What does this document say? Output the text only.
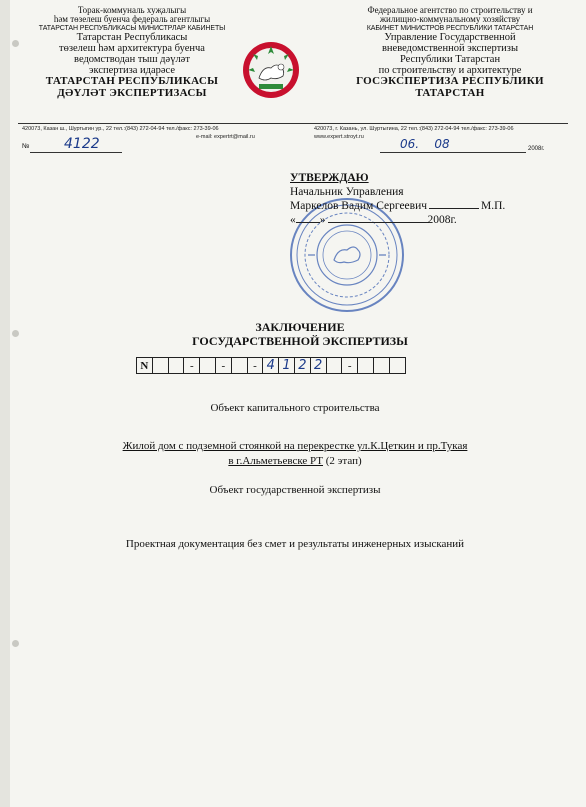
Торак-коммуналь хуҗалыгы
һәм төзелеш буенча федераль агентлыгы
ТАТАРСТАН РЕСПУБЛИКАСЫ МИНИСТРЛАР КАБИНЕТЫ
Татарстан Республикасы
төзелеш һәм архитектура буенча
ведомстводан тыш дәүләт
экспертиза идарәсе
ТАТАРСТАН РЕСПУБЛИКАСЫ
ДӘҮЛӘТ ЭКСПЕРТИЗАСЫ
Федеральное агентство по строительству и
жилищно-коммунальному хозяйству
КАБИНЕТ МИНИСТРОВ РЕСПУБЛИКИ ТАТАРСТАН
Управление Государственной
вневедомственной экспертизы
Республики Татарстан
по строительству и архитектуре
ГОСЭКСПЕРТИЗА РЕСПУБЛИКИ
ТАТАРСТАН
420073, Казан ш., Шуртыгин ур., 22 тел.:(843) 272-04-94 тел./факс: 273-39-06
e-mail: expertrt@mail.ru
420073, г. Казань, ул. Шуртыгина, 22 тел.:(843) 272-04-94 тел./факс: 273-39-06
www.expert.stroyt.ru
№ 4122	06.    08	2008г.
УТВЕРЖДАЮ
Начальник Управления
Маркелов Вадим Сергеевич	М.П.
« »	2008г.
ЗАКЛЮЧЕНИЕ
ГОСУДАРСТВЕННОЙ ЭКСПЕРТИЗЫ
N			-		-		-	4	1	2	2		-			
Объект капитального строительства
Жилой дом с подземной стоянкой на перекрестке ул.К.Цеткин и пр.Тукая
в г.Альметьевске РТ (2 этап)
Объект государственной экспертизы
Проектная документация без смет и результаты инженерных изысканий
